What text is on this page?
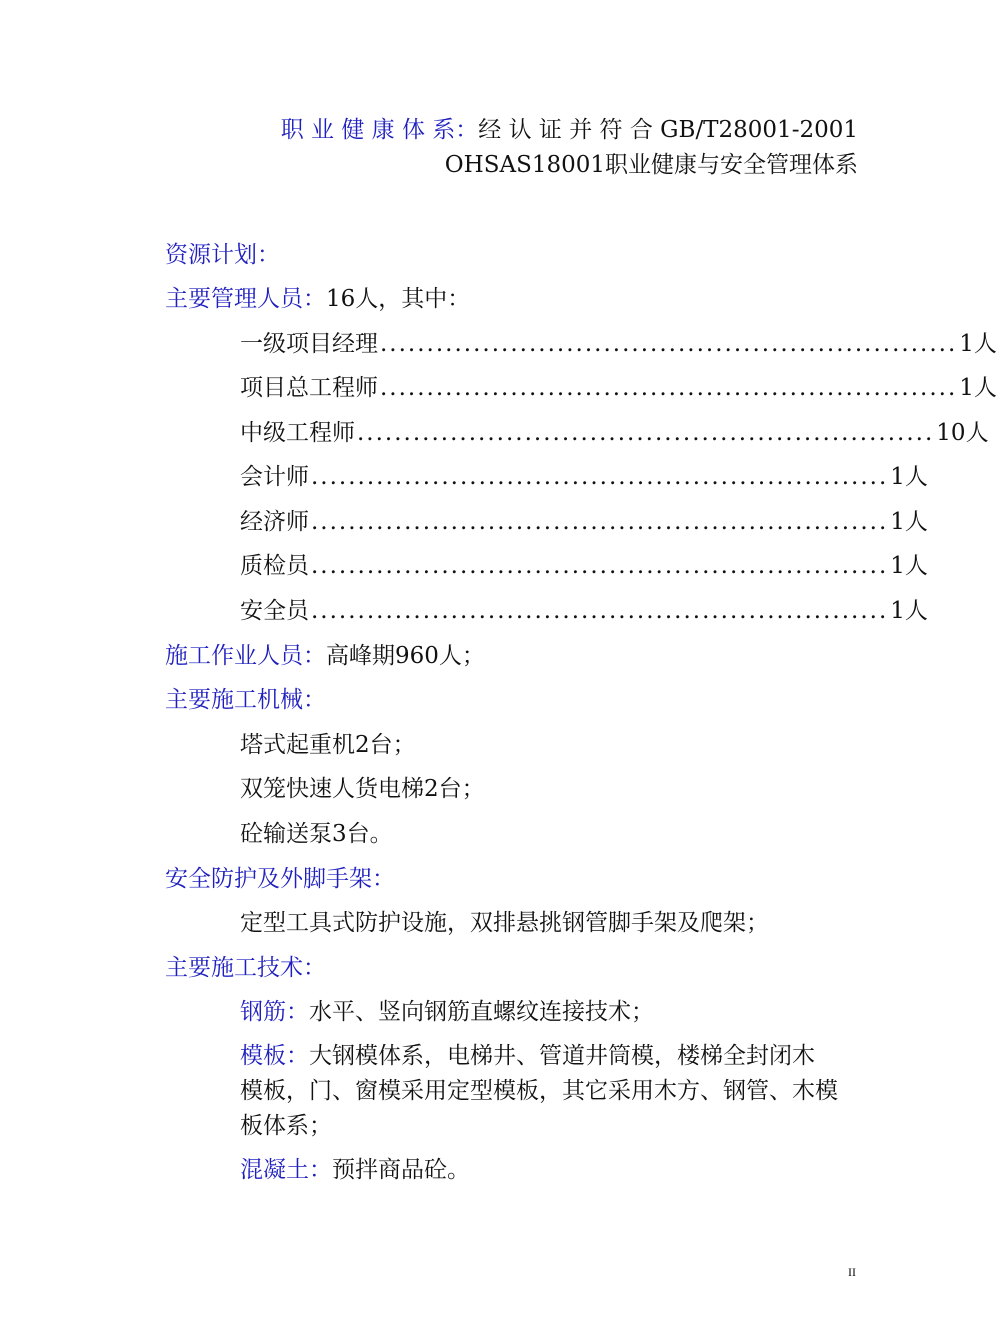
职 业 健 康 体 系：经 认 证 并 符 合 GB/T28001-2001
OHSAS18001职业健康与安全管理体系
资源计划：
主要管理人员：16人，其中：
一级项目经理 .............................................................. 1人
项目总工程师 .............................................................. 1人
中级工程师 .............................................................. 10人
会计师 .............................................................. 1人
经济师 .............................................................. 1人
质检员 .............................................................. 1人
安全员 .............................................................. 1人
施工作业人员：高峰期960人；
主要施工机械：
塔式起重机2台；
双笼快速人货电梯2台；
砼输送泵3台。
安全防护及外脚手架：
定型工具式防护设施，双排悬挑钢管脚手架及爬架；
主要施工技术：
钢筋：水平、竖向钢筋直螺纹连接技术；
模板：大钢模体系，电梯井、管道井筒模，楼梯全封闭木
模板，门、窗模采用定型模板，其它采用木方、钢管、木模
板体系；
混凝土：预拌商品砼。
II
